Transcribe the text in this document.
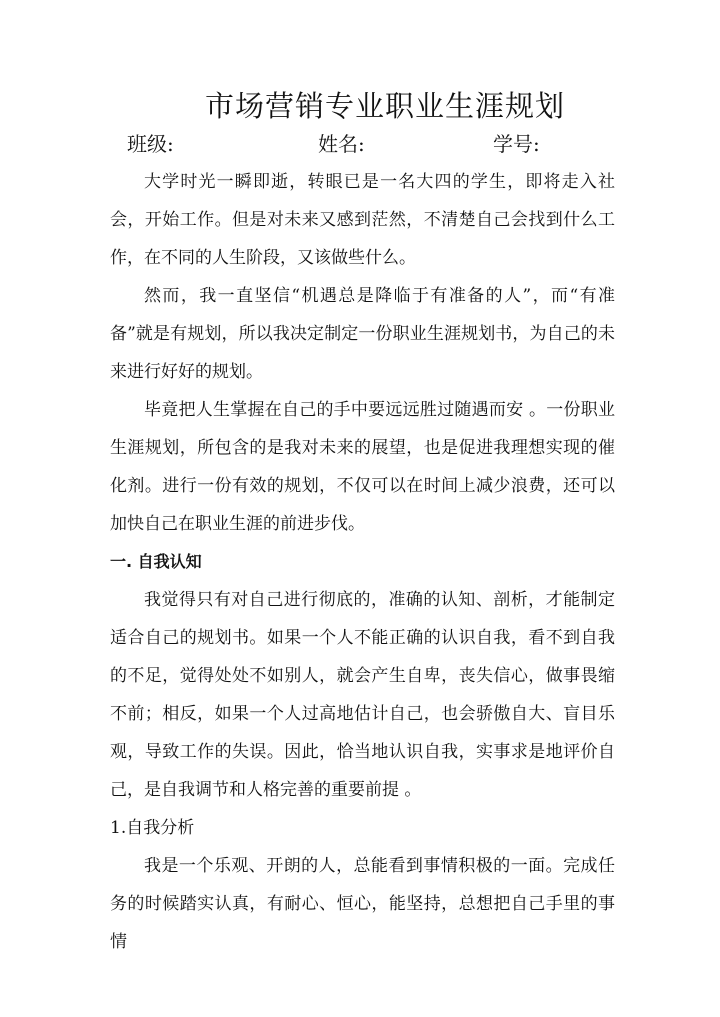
市场营销专业职业生涯规划
班级:	姓名:	学号:

大学时光一瞬即逝，转眼已是一名大四的学生，即将走入社会，开始工作。但是对未来又感到茫然，不清楚自己会找到什么工作，在不同的人生阶段，又该做些什么。

然而，我一直坚信“机遇总是降临于有准备的人”，而“有准备”就是有规划，所以我决定制定一份职业生涯规划书，为自己的未来进行好好的规划。

毕竟把人生掌握在自己的手中要远远胜过随遇而安 。一份职业生涯规划，所包含的是我对未来的展望，也是促进我理想实现的催化剂。进行一份有效的规划，不仅可以在时间上减少浪费，还可以加快自己在职业生涯的前进步伐。

一. 自我认知

我觉得只有对自己进行彻底的，准确的认知、剖析，才能制定适合自己的规划书。如果一个人不能正确的认识自我，看不到自我的不足，觉得处处不如别人，就会产生自卑，丧失信心，做事畏缩不前；相反，如果一个人过高地估计自己，也会骄傲自大、盲目乐观，导致工作的失误。因此，恰当地认识自我，实事求是地评价自己，是自我调节和人格完善的重要前提 。

1.自我分析

我是一个乐观、开朗的人，总能看到事情积极的一面。完成任务的时候踏实认真，有耐心、恒心，能坚持，总想把自己手里的事情
